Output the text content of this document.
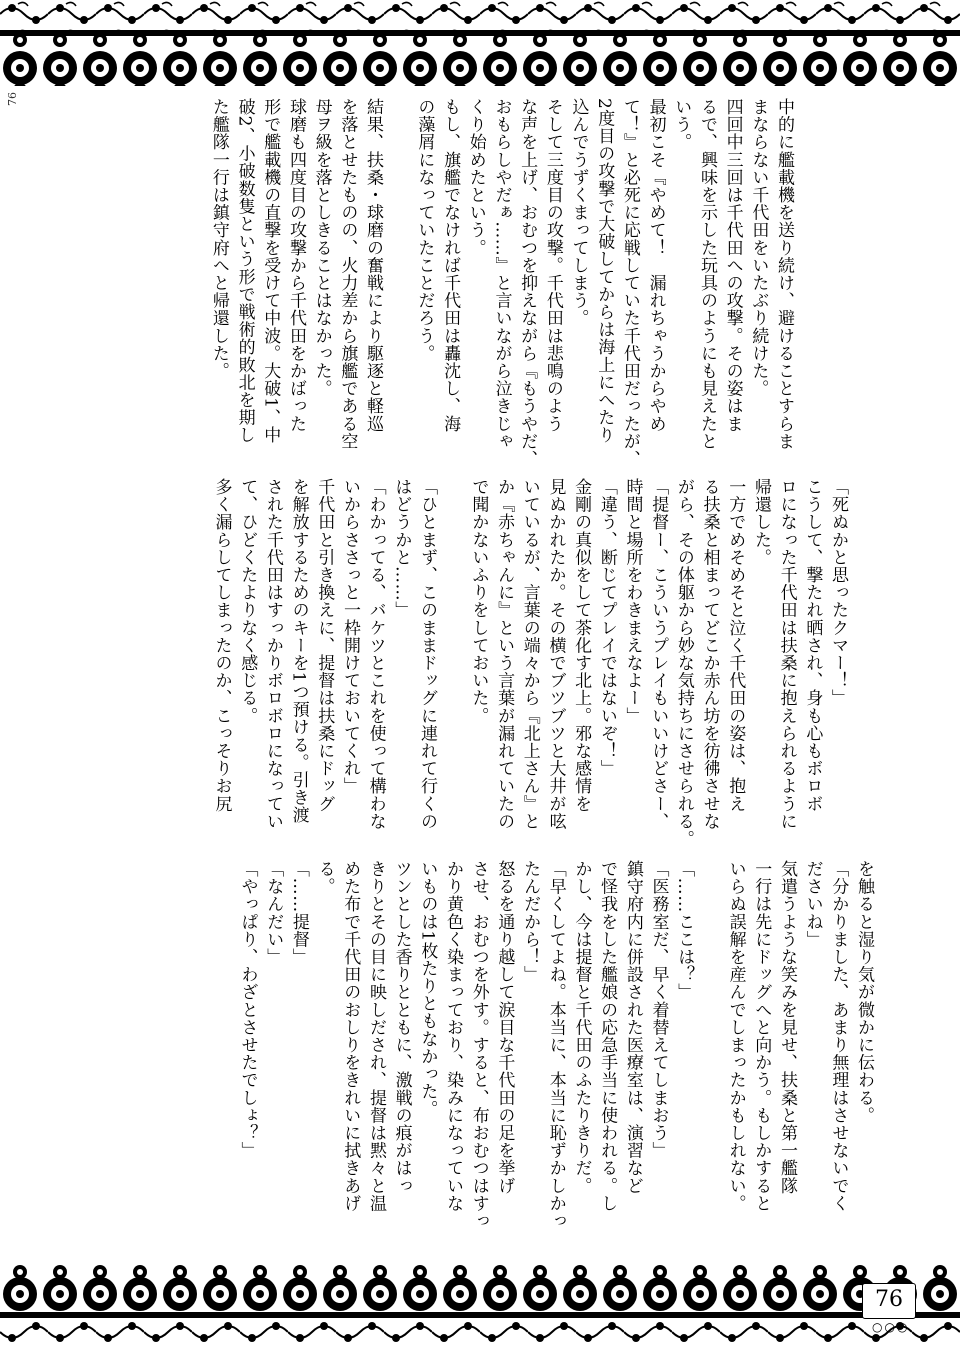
76	中的に艦載機を送り続け、避けることすらま
まならない千代田をいたぶり続けた。
四回中三回は千代田への攻撃。その姿はま
るで、興味を示した玩具のようにも見えたと
いう。
最初こそ『やめて！　漏れちゃうからやめ
て！』と必死に応戦していた千代田だったが、
2度目の攻撃で大破してからは海上にへたり
込んでうずくまってしまう。
そして三度目の攻撃。千代田は悲鳴のよう
な声を上げ、おむつを抑えながら『もうやだ、
おもらしやだぁ……』と言いながら泣きじゃ
くり始めたという。
もし、旗艦でなければ千代田は轟沈し、海
の藻屑になっていたことだろう。
結果、扶桑・球磨の奮戦により駆逐と軽巡
を落とせたものの、火力差から旗艦である空
母ヲ級を落としきることはなかった。
球磨も四度目の攻撃から千代田をかばった
形で艦載機の直撃を受けて中波。大破1、中
破2、小破数隻という形で戦術的敗北を期し
た艦隊一行は鎮守府へと帰還した。
「死ぬかと思ったクマー！」
こうして、撃たれ晒され、身も心もボロボ
ロになった千代田は扶桑に抱えられるように
帰還した。
一方でめそめそと泣く千代田の姿は、抱え
る扶桑と相まってどこか赤ん坊を彷彿させな
がら、その体躯から妙な気持ちにさせられる。
「提督ー、こういうプレイもいいけどさー、
時間と場所をわきまえなよー」
「違う、断じてプレイではないぞ！」
金剛の真似をして茶化す北上。邪な感情を
見ぬかれたか。その横でブツブツと大井が呟
いているが、言葉の端々から『北上さん』と
か『赤ちゃんに』という言葉が漏れていたの
で聞かないふりをしておいた。
「ひとまず、このままドッグに連れて行くの
はどうかと……」
「わかってる、バケツとこれを使って構わな
いからささっと一枠開けておいてくれ」
千代田と引き換えに、提督は扶桑にドッグ
を解放するためのキーを1つ預ける。引き渡
された千代田はすっかりボロボロになってい
て、ひどくたよりなく感じる。
多く漏らしてしまったのか、こっそりお尻
を触ると湿り気が微かに伝わる。
「分かりました、あまり無理はさせないでく
ださいね」
気遣うような笑みを見せ、扶桑と第一艦隊
一行は先にドッグへと向かう。もしかすると
いらぬ誤解を産んでしまったかもしれない。
「……ここは？」
「医務室だ、早く着替えてしまおう」
鎮守府内に併設された医療室は、演習など
で怪我をした艦娘の応急手当に使われる。し
かし、今は提督と千代田のふたりきりだ。
「早くしてよね。本当に、本当に恥ずかしかっ
たんだから！」
怒るを通り越して涙目な千代田の足を挙げ
させ、おむつを外す。すると、布おむつはすっ
かり黄色く染まっており、染みになっていな
いものは1枚たりともなかった。
ツンとした香りとともに、激戦の痕がはっ
きりとその目に映しだされ、提督は黙々と温
めた布で千代田のおしりをきれいに拭きあげ
る。
「……提督」
「なんだい」
「やっぱり、わざとさせたでしょ？」
76
○○○
